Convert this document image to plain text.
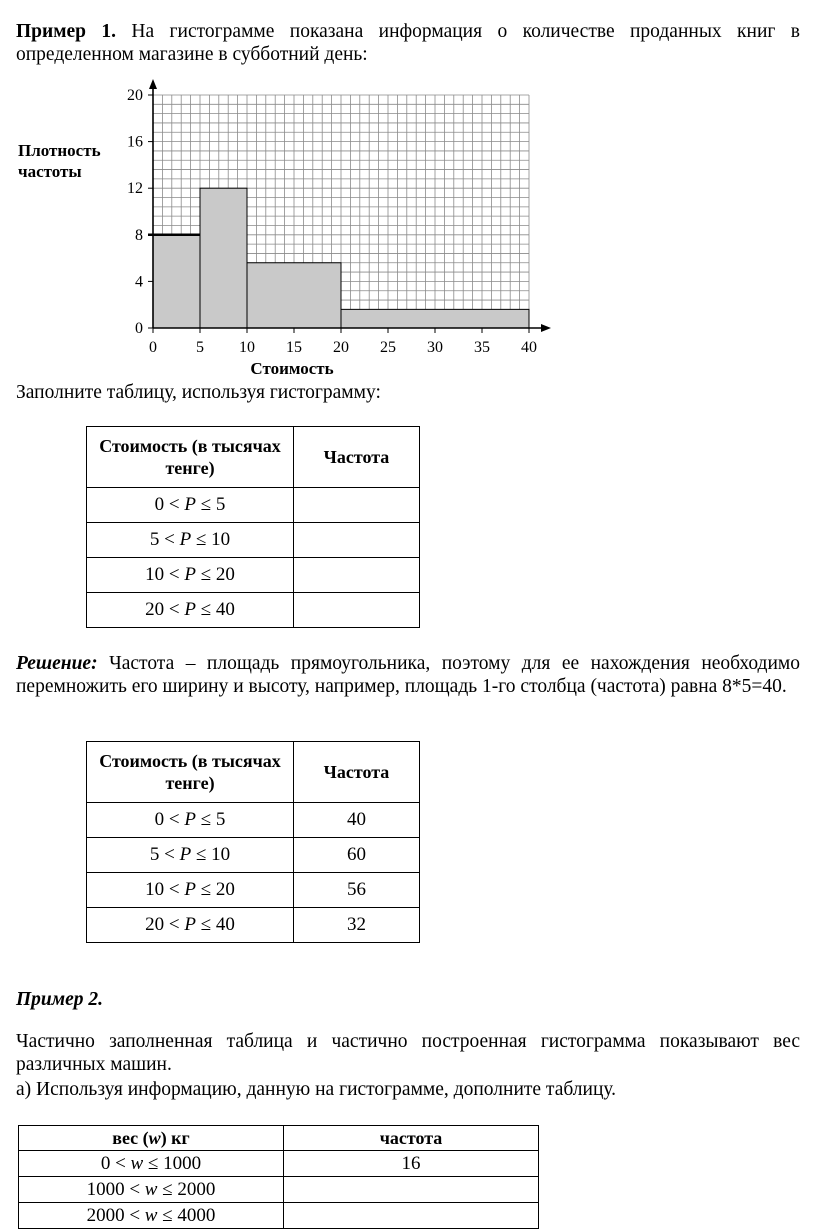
Пример 1. На гистограмме показана информация о количестве проданных книг в определенном магазине в субботний день:

Плотность
частоты
0 5 10 15 20 25 30 35 40
0
4
8
12
16
20
Стоимость

Заполните таблицу, используя гистограмму:

Стоимость (в тысячах тенге)	Частота
0 < P ≤ 5	
5 < P ≤ 10	
10 < P ≤ 20	
20 < P ≤ 40	

Решение: Частота – площадь прямоугольника, поэтому для ее нахождения необходимо перемножить его ширину и высоту, например, площадь 1-го столбца (частота) равна 8*5=40.

Стоимость (в тысячах тенге)	Частота
0 < P ≤ 5	40
5 < P ≤ 10	60
10 < P ≤ 20	56
20 < P ≤ 40	32

Пример 2.

Частично заполненная таблица и частично построенная гистограмма показывают вес различных машин.

а) Используя информацию, данную на гистограмме, дополните таблицу.

вес (w) кг	частота
0 < w ≤ 1000	16
1000 < w ≤ 2000	
2000 < w ≤ 4000	
